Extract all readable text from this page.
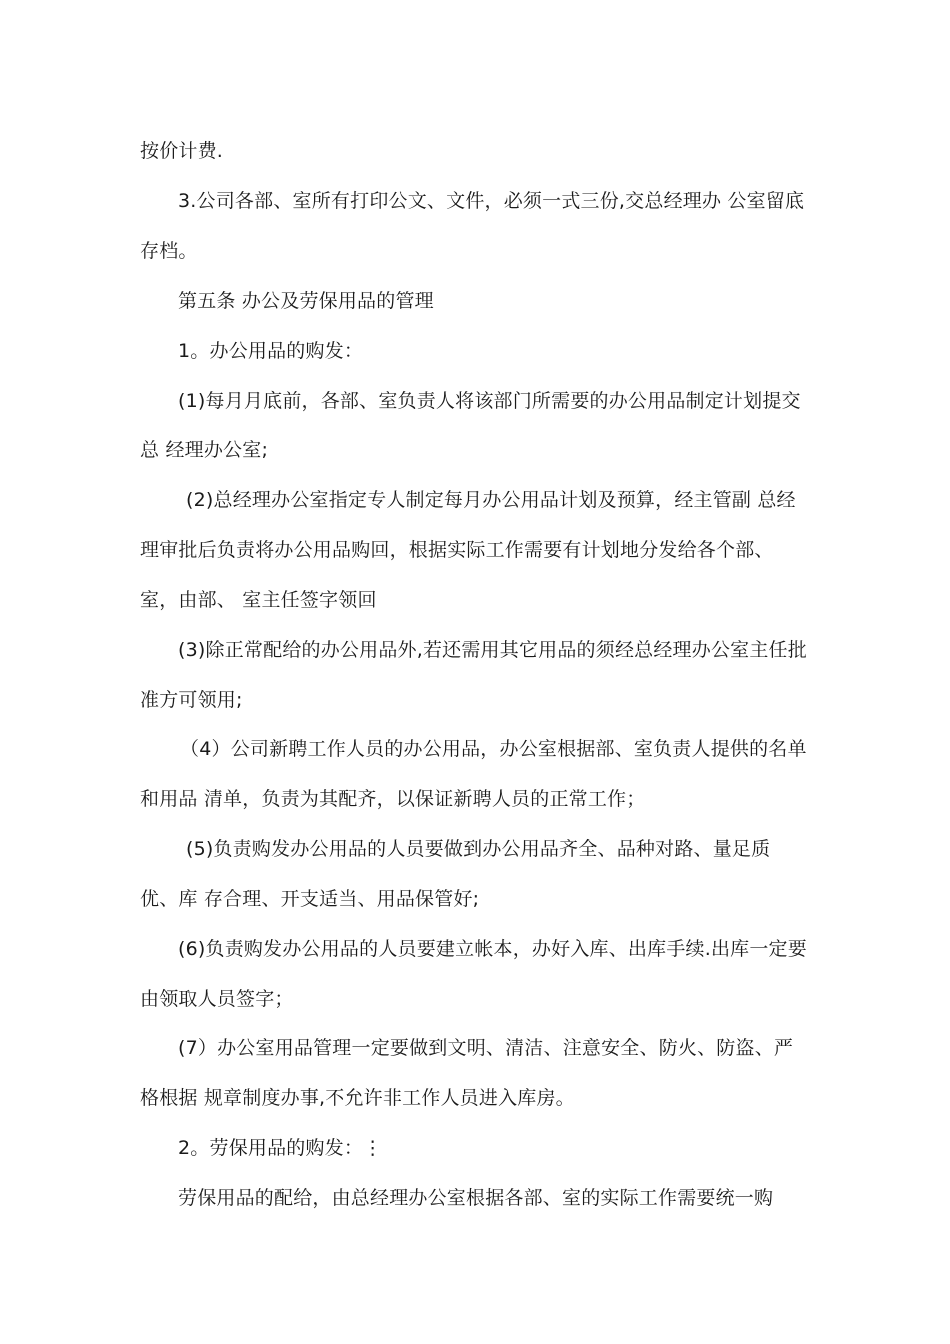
按价计费.
3.公司各部、室所有打印公文、文件，必须一式三份,交总经理办 公室留底
存档。
第五条 办公及劳保用品的管理
1。办公用品的购发：
(1)每月月底前，各部、室负责人将该部门所需要的办公用品制定计划提交
总 经理办公室;
(2)总经理办公室指定专人制定每月办公用品计划及预算，经主管副 总经
理审批后负责将办公用品购回，根据实际工作需要有计划地分发给各个部、
室，由部、 室主任签字领回
(3)除正常配给的办公用品外,若还需用其它用品的须经总经理办公室主任批
准方可领用;
（4）公司新聘工作人员的办公用品，办公室根据部、室负责人提供的名单
和用品 清单，负责为其配齐，以保证新聘人员的正常工作；
(5)负责购发办公用品的人员要做到办公用品齐全、品种对路、量足质
优、库 存合理、开支适当、用品保管好;
(6)负责购发办公用品的人员要建立帐本，办好入库、出库手续.出库一定要
由领取人员签字；
(7）办公室用品管理一定要做到文明、清洁、注意安全、防火、防盗、严
格根据 规章制度办事,不允许非工作人员进入库房。
2。劳保用品的购发：⋮
劳保用品的配给，由总经理办公室根据各部、室的实际工作需要统一购
